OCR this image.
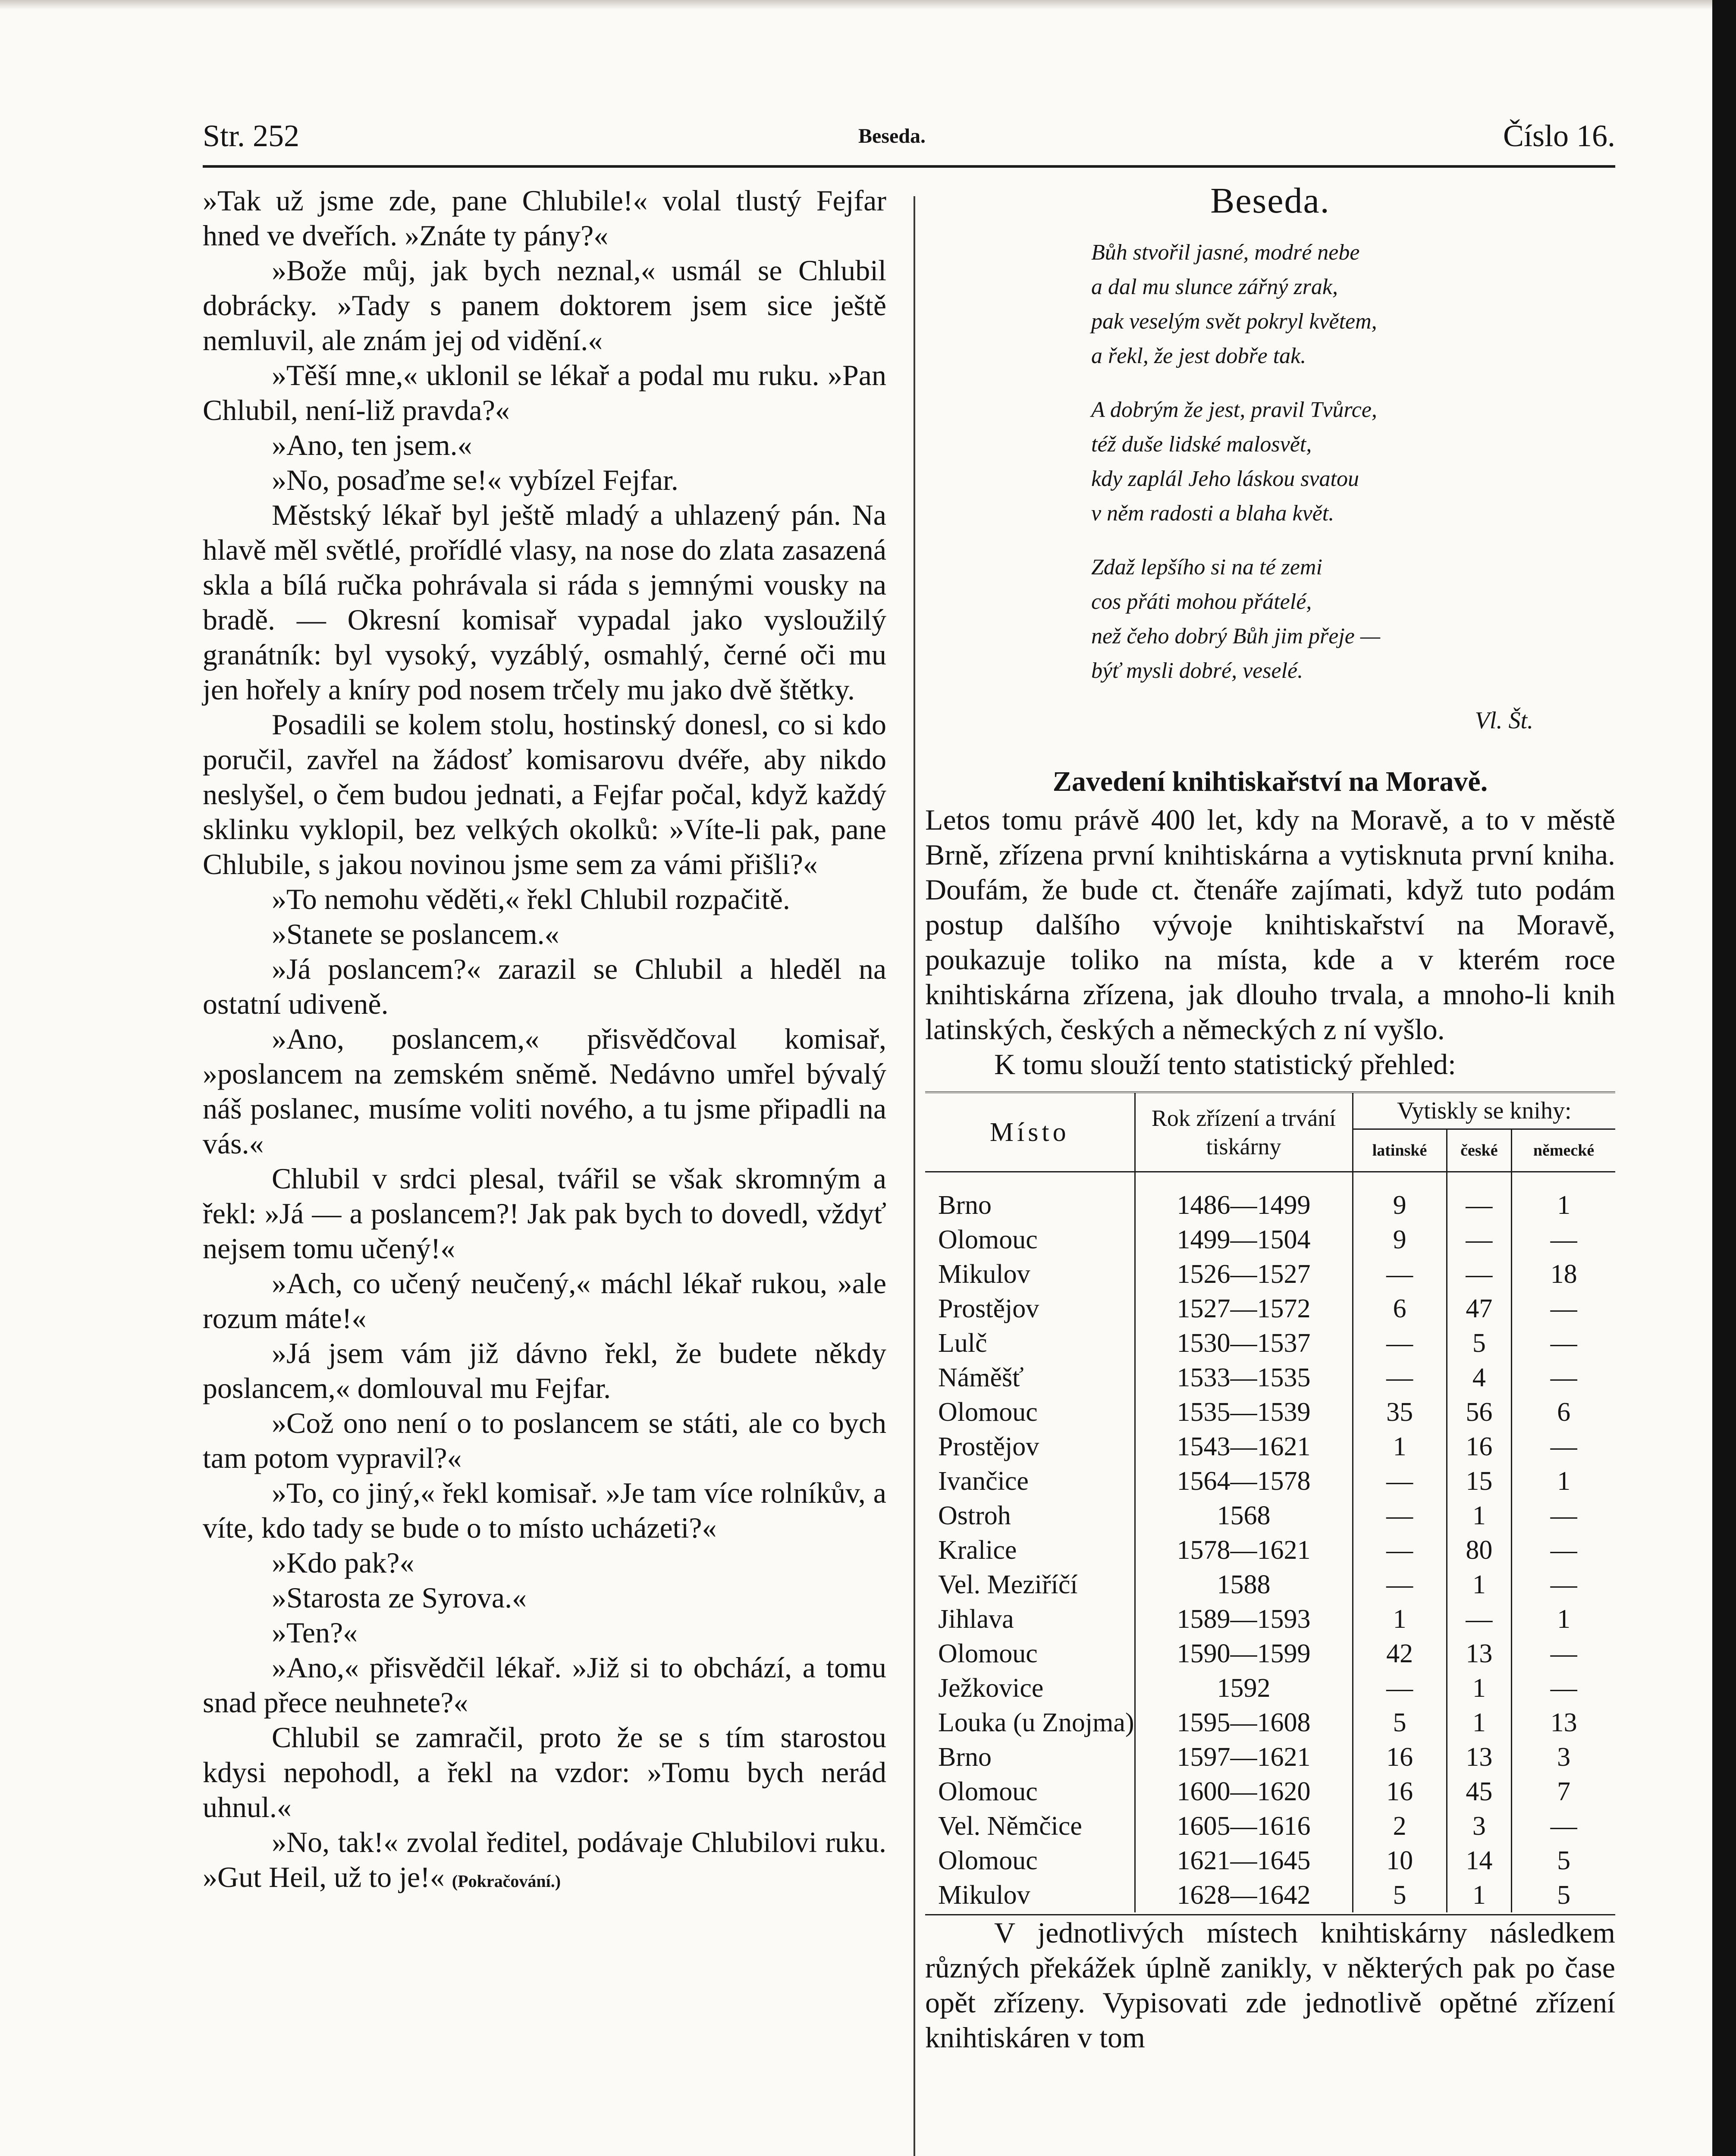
Str. 252	Beseda.	Číslo 16.

»Tak už jsme zde, pane Chlubile!« volal tlustý Fejfar hned ve dveřích. »Znáte ty pány?«

»Bože můj, jak bych neznal,« usmál se Chlubil dobrácky. »Tady s panem doktorem jsem sice ještě nemluvil, ale znám jej od vidění.«

»Těší mne,« uklonil se lékař a podal mu ruku. »Pan Chlubil, není-liž pravda?«

»Ano, ten jsem.«

»No, posaďme se!« vybízel Fejfar.

Městský lékař byl ještě mladý a uhlazený pán. Na hlavě měl světlé, prořídlé vlasy, na nose do zlata zasazená skla a bílá ručka pohrávala si ráda s jemnými vousky na bradě. — Okresní komisař vypadal jako vysloužilý granátník: byl vysoký, vyzáblý, osmahlý, černé oči mu jen hořely a kníry pod nosem trčely mu jako dvě štětky.

Posadili se kolem stolu, hostinský donesl, co si kdo poručil, zavřel na žádosť komisarovu dvéře, aby nikdo neslyšel, o čem budou jednati, a Fejfar počal, když každý sklinku vyklopil, bez velkých okolků: »Víte-li pak, pane Chlubile, s jakou novinou jsme sem za vámi přišli?«

»To nemohu věděti,« řekl Chlubil rozpačitě.

»Stanete se poslancem.«

»Já poslancem?« zarazil se Chlubil a hleděl na ostatní udiveně.

»Ano, poslancem,« přisvědčoval komisař, »poslancem na zemském sněmě. Nedávno umřel bývalý náš poslanec, musíme voliti nového, a tu jsme připadli na vás.«

Chlubil v srdci plesal, tvářil se však skromným a řekl: »Já — a poslancem?! Jak pak bych to dovedl, vždyť nejsem tomu učený!«

»Ach, co učený neučený,« máchl lékař rukou, »ale rozum máte!«

»Já jsem vám již dávno řekl, že budete někdy poslancem,« domlouval mu Fejfar.

»Což ono není o to poslancem se státi, ale co bych tam potom vypravil?«

»To, co jiný,« řekl komisař. »Je tam více rolníkův, a víte, kdo tady se bude o to místo ucházeti?«

»Kdo pak?«

»Starosta ze Syrova.«

»Ten?«

»Ano,« přisvědčil lékař. »Již si to obchází, a tomu snad přece neuhnete?«

Chlubil se zamračil, proto že se s tím starostou kdysi nepohodl, a řekl na vzdor: »Tomu bych nerád uhnul.«

»No, tak!« zvolal ředitel, podávaje Chlubilovi ruku. »Gut Heil, už to je!« (Pokračování.)

Beseda.
Bůh stvořil jasné, modré nebe
a dal mu slunce zářný zrak,
pak veselým svět pokryl květem,
a řekl, že jest dobře tak.
A dobrým že jest, pravil Tvůrce,
též duše lidské malosvět,
kdy zaplál Jeho láskou svatou
v něm radosti a blaha květ.
Zdaž lepšího si na té zemi
cos přáti mohou přátelé,
než čeho dobrý Bůh jim přeje —
býť mysli dobré, veselé.
Vl. Št.
Zavedení knihtiskařství na Moravě.

Letos tomu právě 400 let, kdy na Moravě, a to v městě Brně, zřízena první knihtiskárna a vytisknuta první kniha. Doufám, že bude ct. čtenáře zajímati, když tuto podám postup dalšího vývoje knihtiskařství na Moravě, poukazuje toliko na místa, kde a v kterém roce knihtiskárna zřízena, jak dlouho trvala, a mnoho-li knih latinských, českých a německých z ní vyšlo.

K tomu slouží tento statistický přehled:

Místo	Rok zřízení a trvání tiskárny	Vytiskly se knihy:		
		latinské	české	německé
Brno	1486—1499	9	—	1
Olomouc	1499—1504	9	—	—
Mikulov	1526—1527	—	—	18
Prostějov	1527—1572	6	47	—
Lulč	1530—1537	—	5	—
Náměšť	1533—1535	—	4	—
Olomouc	1535—1539	35	56	6
Prostějov	1543—1621	1	16	—
Ivančice	1564—1578	—	15	1
Ostroh	1568	—	1	—
Kralice	1578—1621	—	80	—
Vel. Meziříčí	1588	—	1	—
Jihlava	1589—1593	1	—	1
Olomouc	1590—1599	42	13	—
Ježkovice	1592	—	1	—
Louka (u Znojma)	1595—1608	5	1	13
Brno	1597—1621	16	13	3
Olomouc	1600—1620	16	45	7
Vel. Němčice	1605—1616	2	3	—
Olomouc	1621—1645	10	14	5
Mikulov	1628—1642	5	1	5

V jednotlivých místech knihtiskárny následkem různých překážek úplně zanikly, v některých pak po čase opět zřízeny. Vypisovati zde jednotlivě opětné zřízení knihtiskáren v tom
